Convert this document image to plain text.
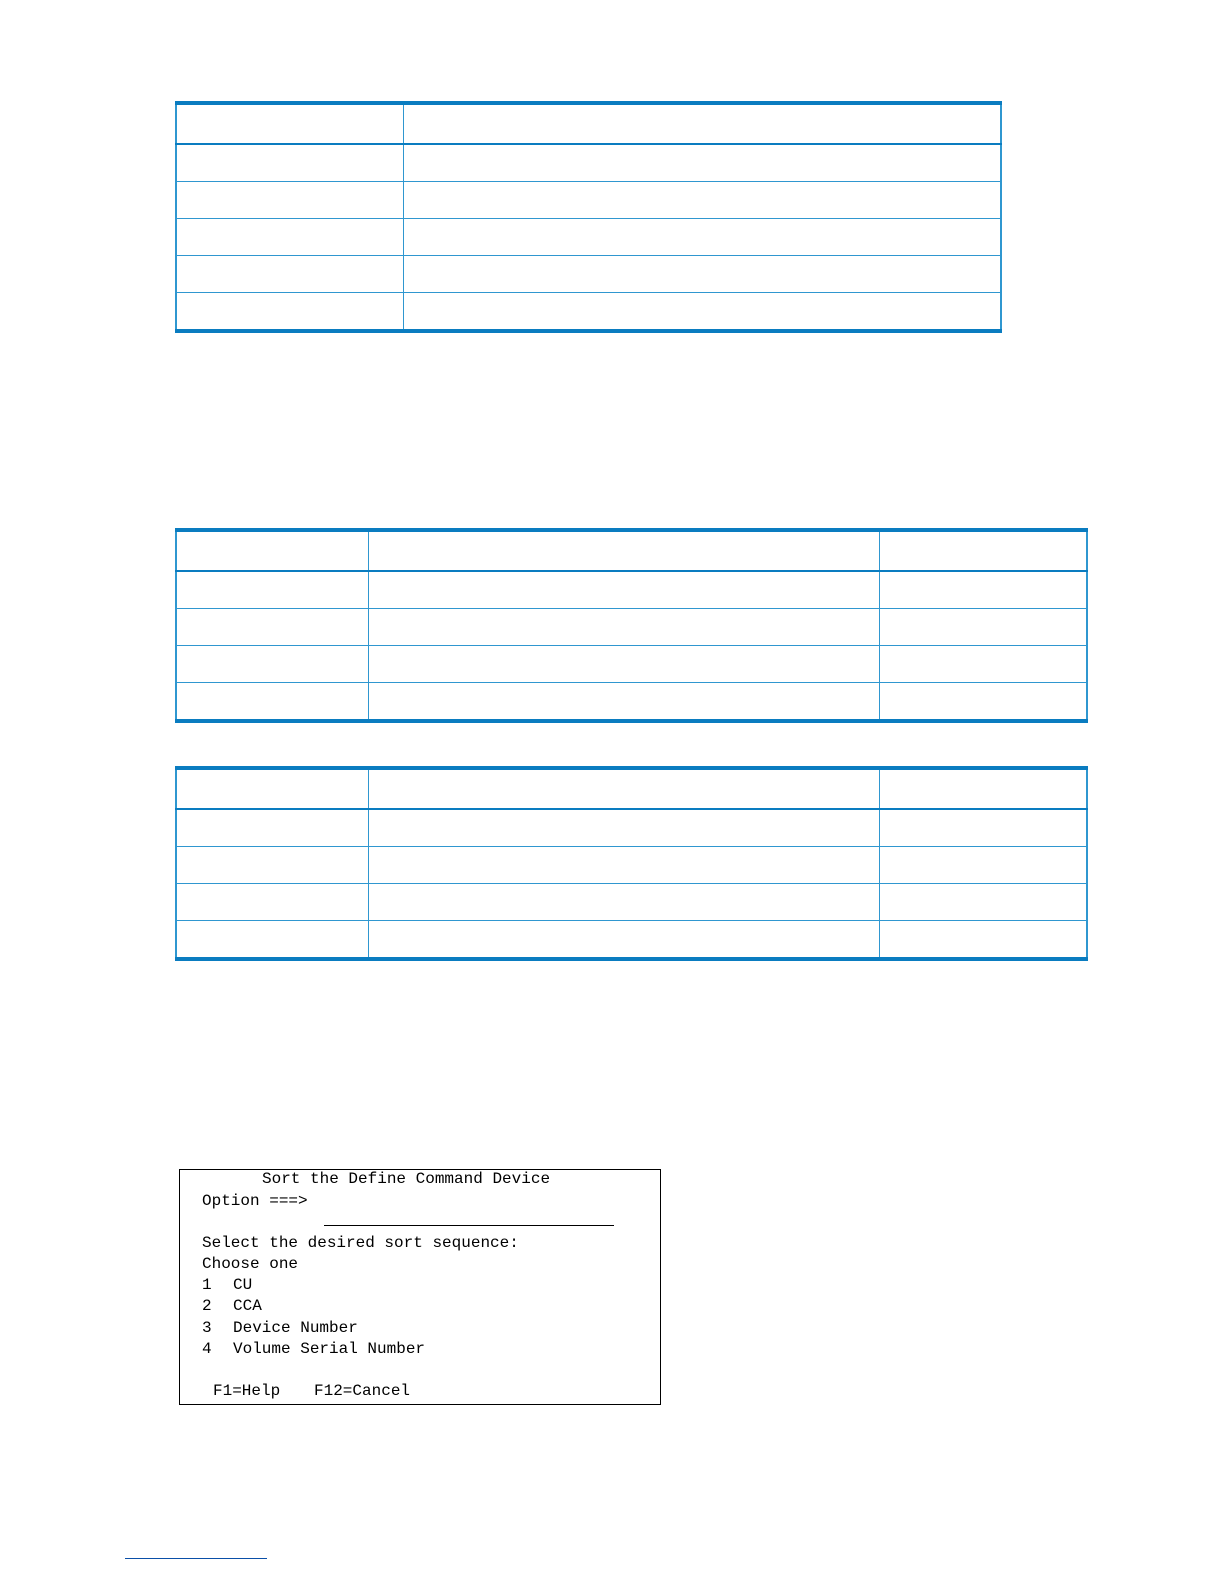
Sort the Define Command Device
Option ===>
Select the desired sort sequence:
Choose one
1 CU
2 CCA
3 Device Number
4 Volume Serial Number
F1=Help F12=Cancel
